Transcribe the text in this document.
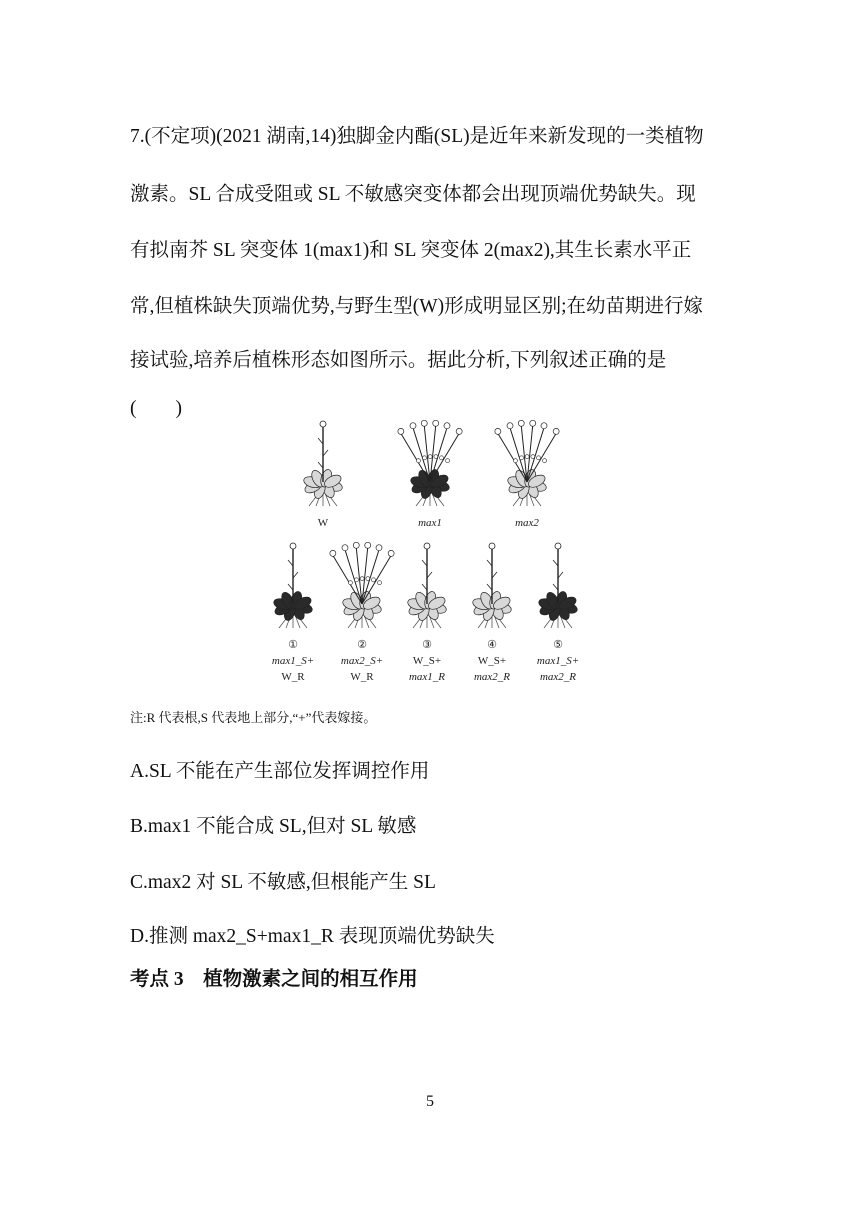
7.(不定项)(2021 湖南,14)独脚金内酯(SL)是近年来新发现的一类植物
激素。SL 合成受阻或 SL 不敏感突变体都会出现顶端优势缺失。现
有拟南芥 SL 突变体 1(max1)和 SL 突变体 2(max2),其生长素水平正
常,但植株缺失顶端优势,与野生型(W)形成明显区别;在幼苗期进行嫁
接试验,培养后植株形态如图所示。据此分析,下列叙述正确的是
(　　)
W	max1	max2
①
max1_S+
W_R
②
max2_S+
W_R
③
W_S+
max1_R
④
W_S+
max2_R
⑤
max1_S+
max2_R
注:R 代表根,S 代表地上部分,“+”代表嫁接。
A.SL 不能在产生部位发挥调控作用
B.max1 不能合成 SL,但对 SL 敏感
C.max2 对 SL 不敏感,但根能产生 SL
D.推测 max2_S+max1_R 表现顶端优势缺失
考点 3　植物激素之间的相互作用
5
